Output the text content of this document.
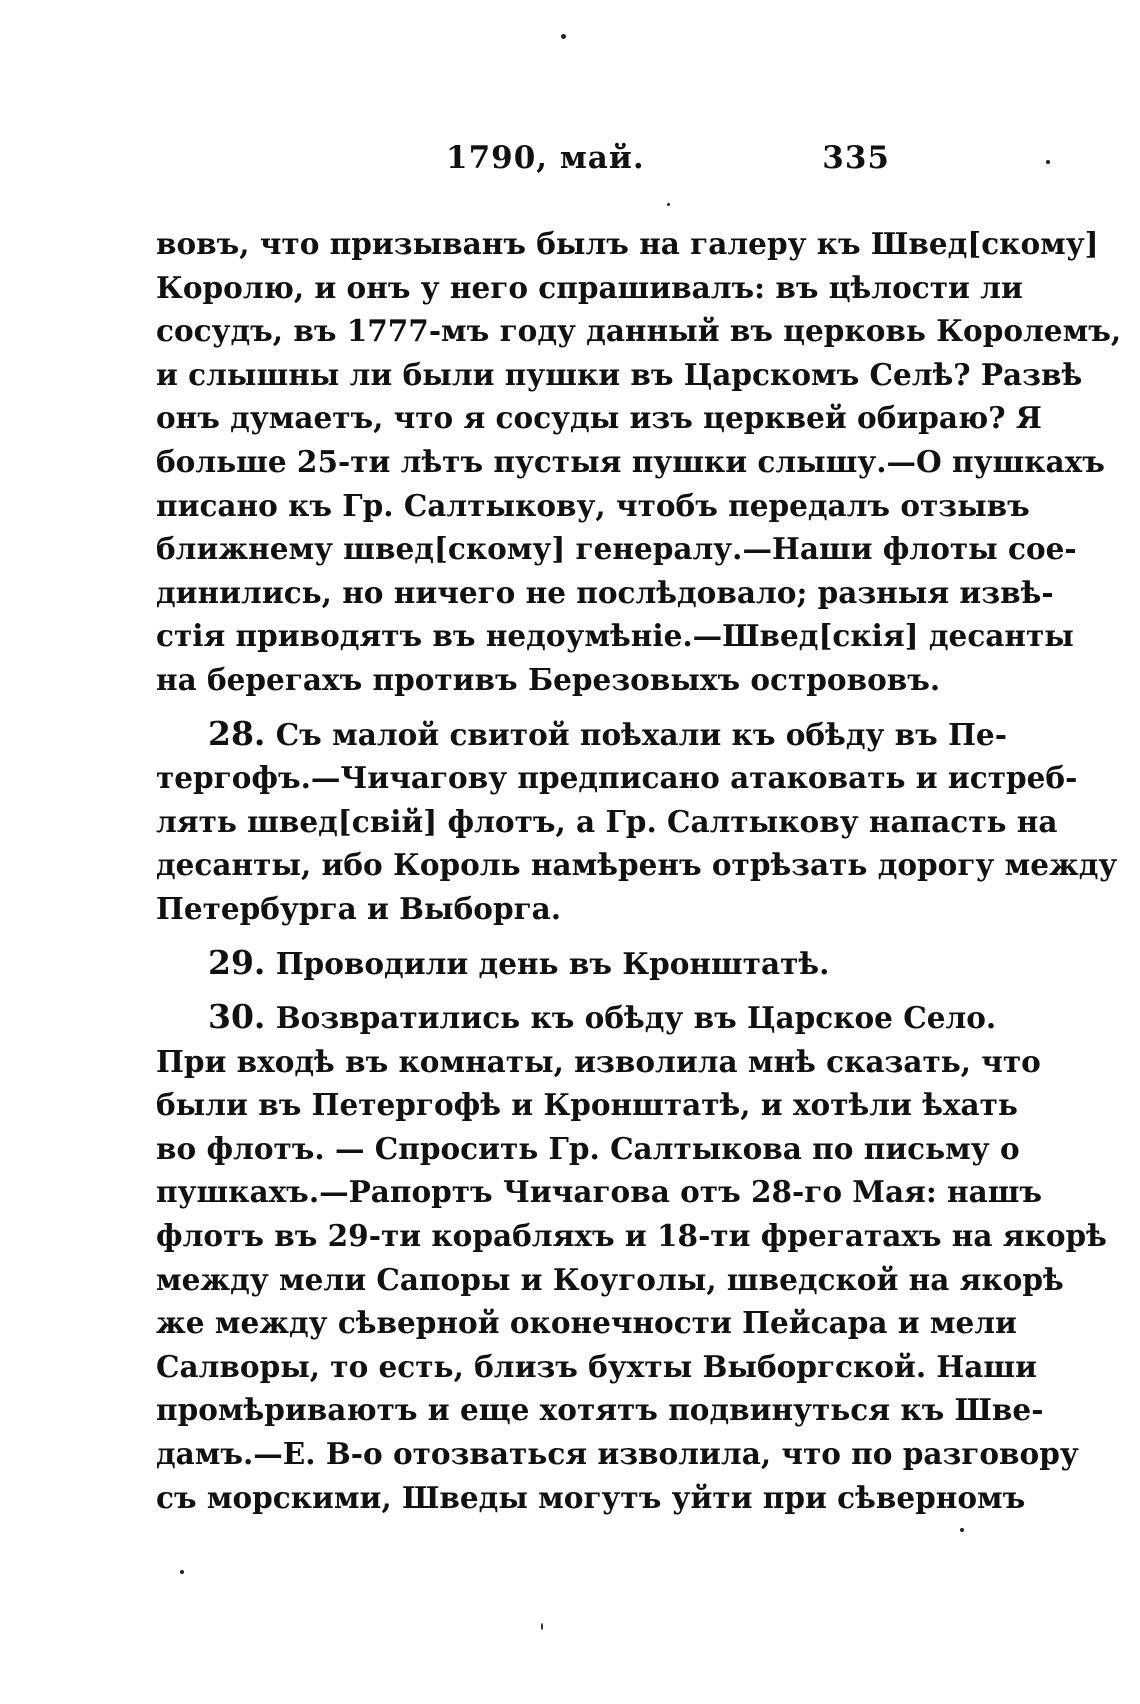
1790, май.	335
вовъ, что призыванъ былъ на галеру къ Швед[скому]
Королю, и онъ у него спрашивалъ: въ цѣлости ли
сосудъ, въ 1777-мъ году данный въ церковь Королемъ,
и слышны ли были пушки въ Царскомъ Селѣ? Развѣ
онъ думаетъ, что я сосуды изъ церквей обираю? Я
больше 25-ти лѣтъ пустыя пушки слышу.—О пушкахъ
писано къ Гр. Салтыкову, чтобъ передалъ отзывъ
ближнему швед[скому] генералу.—Наши флоты сое-
динились, но ничего не послѣдовало; разныя извѣ-
стія приводятъ въ недоумѣніе.—Швед[скія] десанты
на берегахъ противъ Березовыхъ острововъ.
28. Съ малой свитой поѣхали къ обѣду въ Пе-
тергофъ.—Чичагову предписано атаковать и истреб-
лять швед[свій] флотъ, а Гр. Салтыкову напасть на
десанты, ибо Король намѣренъ отрѣзать дорогу между
Петербурга и Выборга.
29. Проводили день въ Кронштатѣ.
30. Возвратились къ обѣду въ Царское Село.
При входѣ въ комнаты, изволила мнѣ сказать, что
были въ Петергофѣ и Кронштатѣ, и хотѣли ѣхать
во флотъ. — Спросить Гр. Салтыкова по письму о
пушкахъ.—Рапортъ Чичагова отъ 28-го Мая: нашъ
флотъ въ 29-ти корабляхъ и 18-ти фрегатахъ на якорѣ
между мели Сапоры и Коуголы, шведской на якорѣ
же между сѣверной оконечности Пейсара и мели
Салворы, то есть, близъ бухты Выборгской. Наши
промѣриваютъ и еще хотятъ подвинуться къ Шве-
дамъ.—Е. В-о отозваться изволила, что по разговору
съ морскими, Шведы могутъ уйти при сѣверномъ
